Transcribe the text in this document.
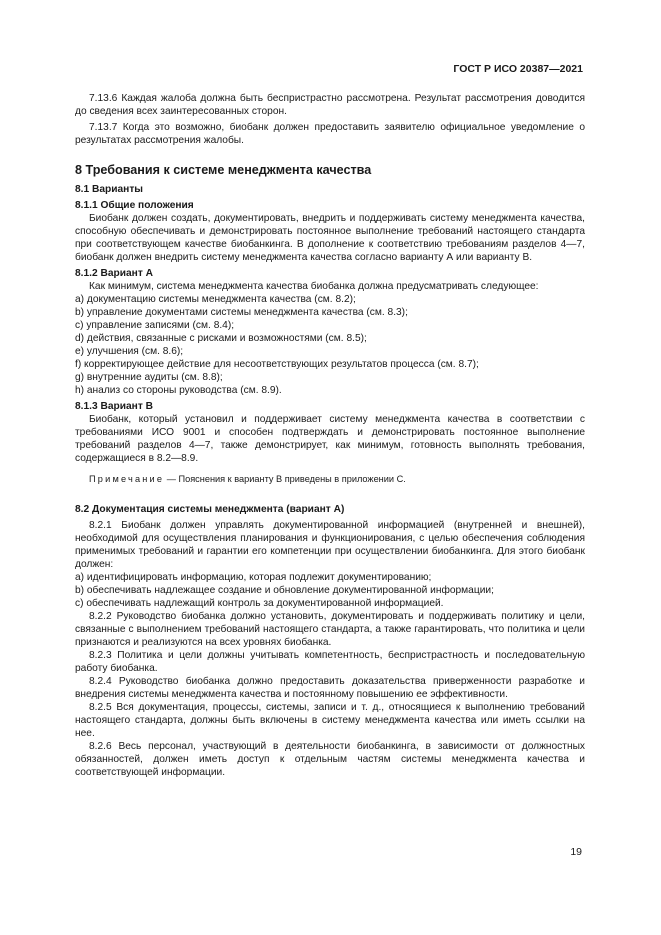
ГОСТ Р ИСО 20387—2021

7.13.6 Каждая жалоба должна быть беспристрастно рассмотрена. Результат рассмотрения доводится до сведения всех заинтересованных сторон.

7.13.7 Когда это возможно, биобанк должен предоставить заявителю официальное уведомление о результатах рассмотрения жалобы.

8 Требования к системе менеджмента качества

8.1 Варианты

8.1.1 Общие положения

Биобанк должен создать, документировать, внедрить и поддерживать систему менеджмента качества, способную обеспечивать и демонстрировать постоянное выполнение требований настоящего стандарта при соответствующем качестве биобанкинга. В дополнение к соответствию требованиям разделов 4—7, биобанк должен внедрить систему менеджмента качества согласно варианту А или варианту В.

8.1.2 Вариант А

Как минимум, система менеджмента качества биобанка должна предусматривать следующее:

a) документацию системы менеджмента качества (см. 8.2);

b) управление документами системы менеджмента качества (см. 8.3);

c) управление записями (см. 8.4);

d) действия, связанные с рисками и возможностями (см. 8.5);

e) улучшения (см. 8.6);

f) корректирующее действие для несоответствующих результатов процесса (см. 8.7);

g) внутренние аудиты (см. 8.8);

h) анализ со стороны руководства (см. 8.9).

8.1.3 Вариант В

Биобанк, который установил и поддерживает систему менеджмента качества в соответствии с требованиями ИСО 9001 и способен подтверждать и демонстрировать постоянное выполнение требований разделов 4—7, также демонстрирует, как минимум, готовность выполнять требования, содержащиеся в 8.2—8.9.

Примечание — Пояснения к варианту В приведены в приложении С.

8.2 Документация системы менеджмента (вариант А)

8.2.1 Биобанк должен управлять документированной информацией (внутренней и внешней), необходимой для осуществления планирования и функционирования, с целью обеспечения соблюдения применимых требований и гарантии его компетенции при осуществлении биобанкинга. Для этого биобанк должен:

a) идентифицировать информацию, которая подлежит документированию;

b) обеспечивать надлежащее создание и обновление документированной информации;

c) обеспечивать надлежащий контроль за документированной информацией.

8.2.2 Руководство биобанка должно установить, документировать и поддерживать политику и цели, связанные с выполнением требований настоящего стандарта, а также гарантировать, что политика и цели признаются и реализуются на всех уровнях биобанка.

8.2.3 Политика и цели должны учитывать компетентность, беспристрастность и последовательную работу биобанка.

8.2.4 Руководство биобанка должно предоставить доказательства приверженности разработке и внедрения системы менеджмента качества и постоянному повышению ее эффективности.

8.2.5 Вся документация, процессы, системы, записи и т. д., относящиеся к выполнению требований настоящего стандарта, должны быть включены в систему менеджмента качества или иметь ссылки на нее.

8.2.6 Весь персонал, участвующий в деятельности биобанкинга, в зависимости от должностных обязанностей, должен иметь доступ к отдельным частям системы менеджмента качества и соответствующей информации.

19
